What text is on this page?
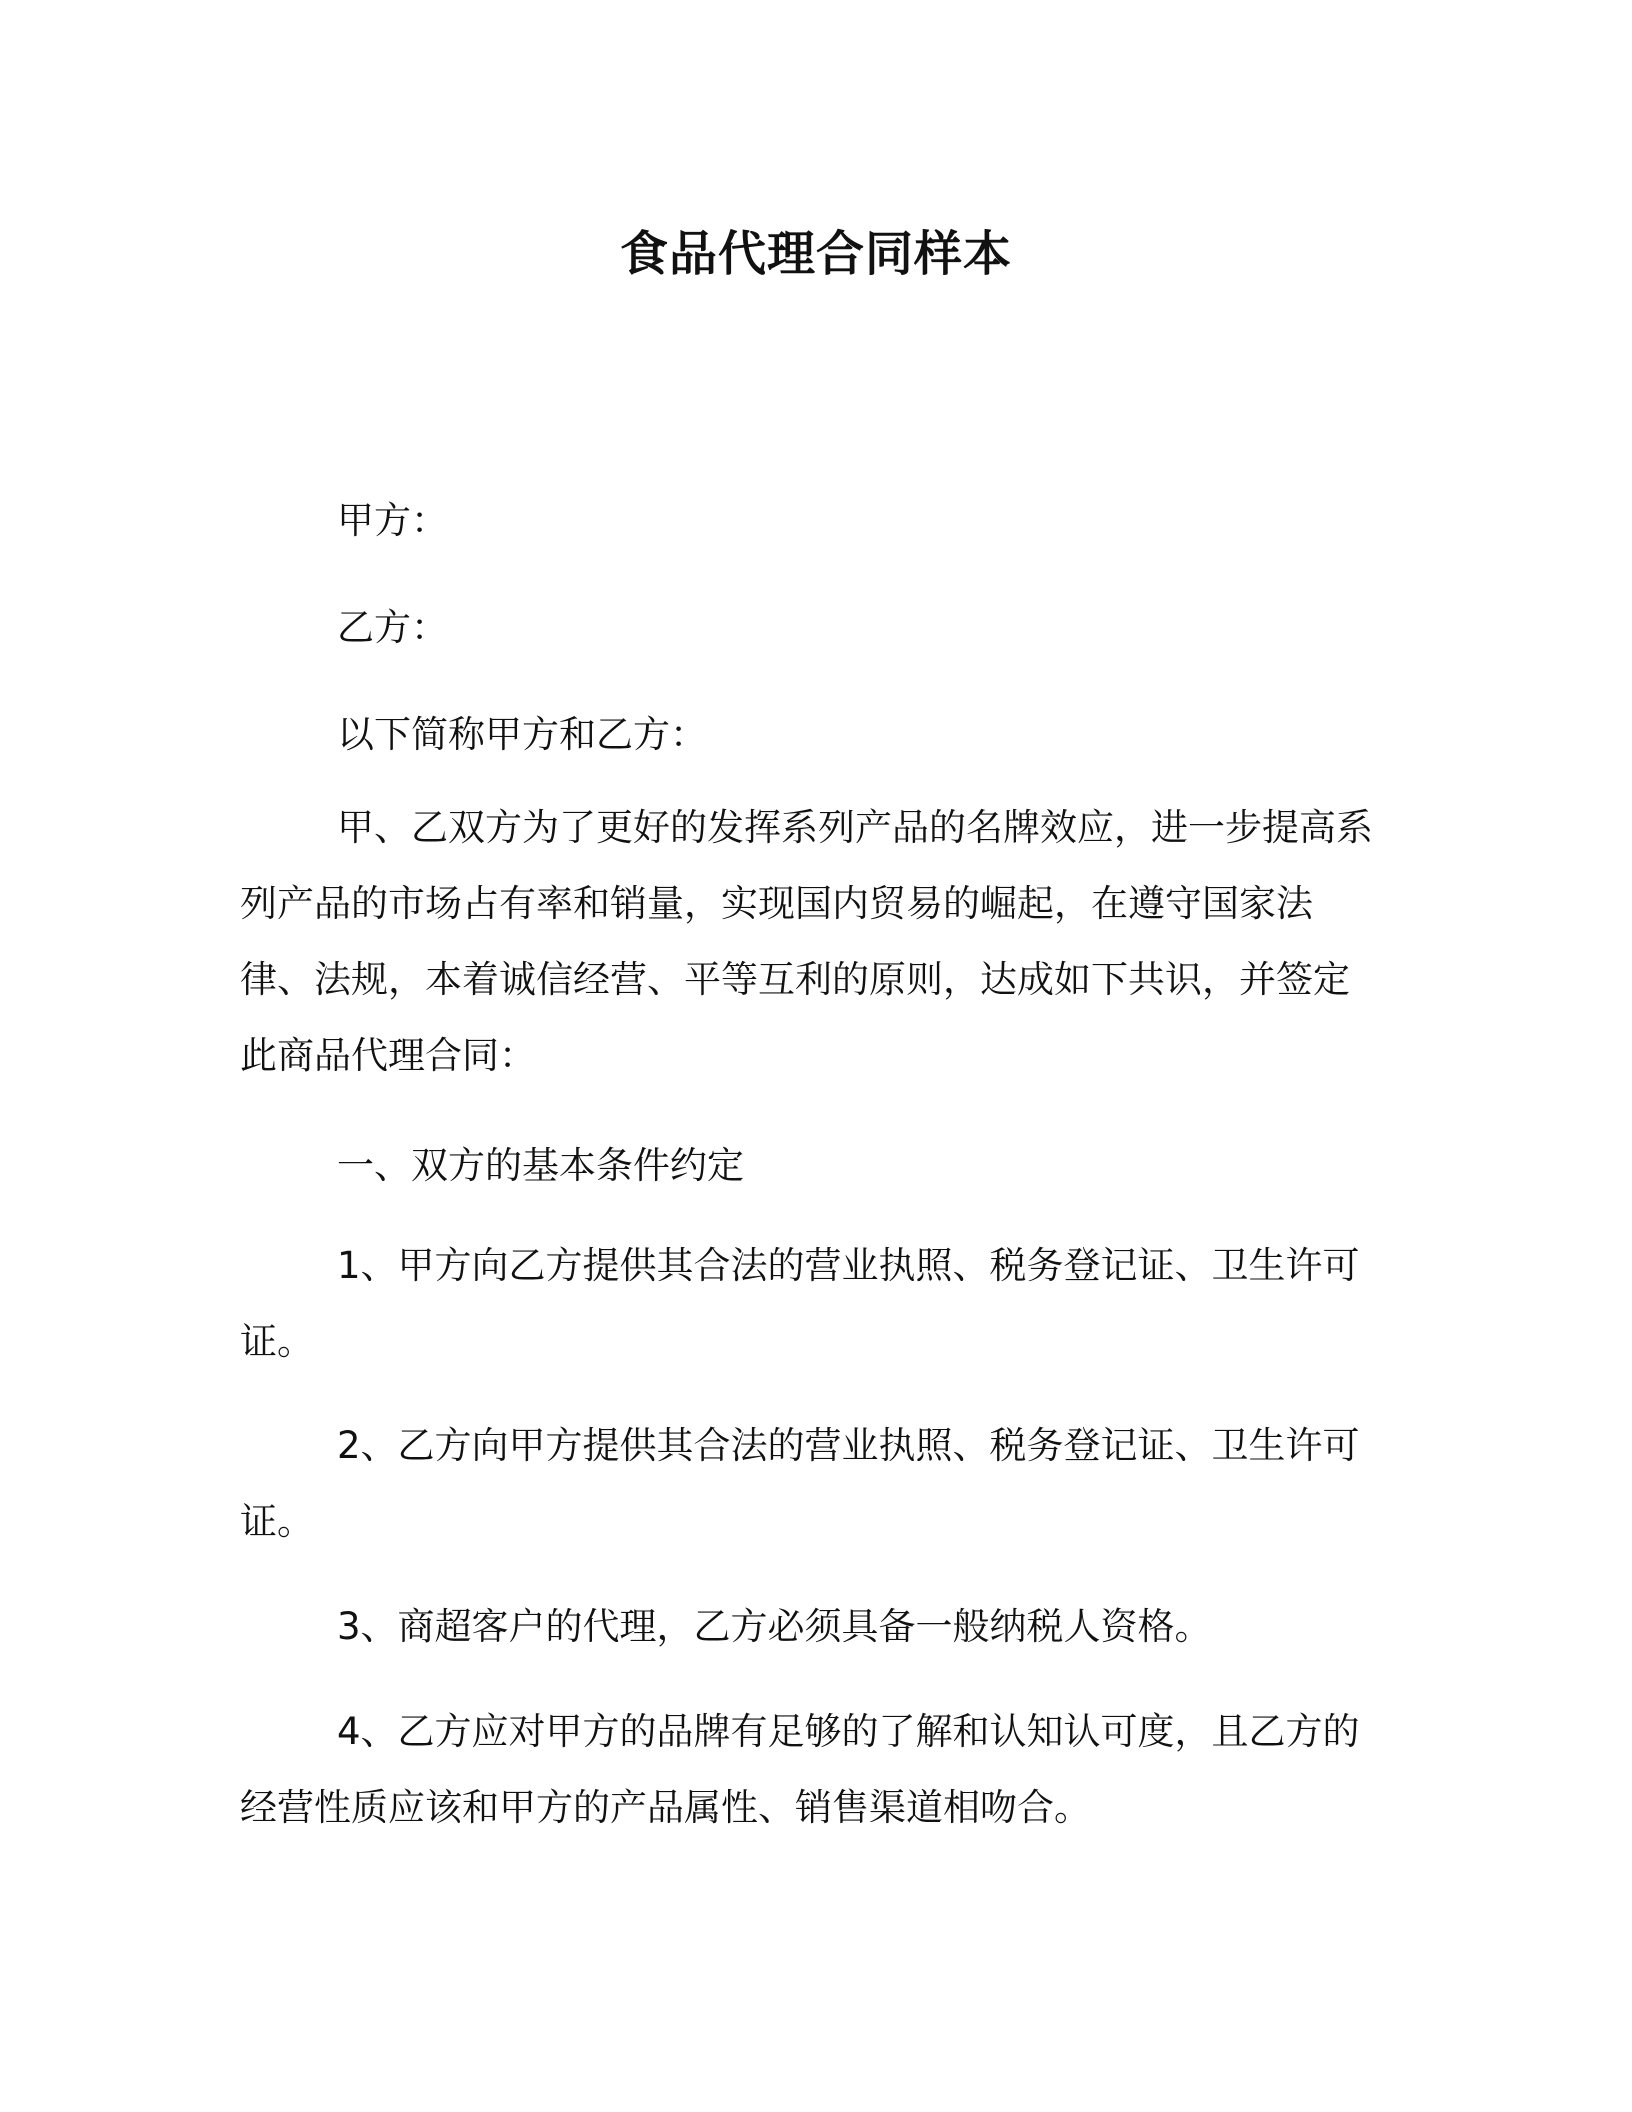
食品代理合同样本

甲方：

乙方：

以下简称甲方和乙方：

甲、乙双方为了更好的发挥系列产品的名牌效应，进一步提高系列产品的市场占有率和销量，实现国内贸易的崛起，在遵守国家法律、法规，本着诚信经营、平等互利的原则，达成如下共识，并签定此商品代理合同：

一、双方的基本条件约定

1、甲方向乙方提供其合法的营业执照、税务登记证、卫生许可证。

2、乙方向甲方提供其合法的营业执照、税务登记证、卫生许可证。

3、商超客户的代理，乙方必须具备一般纳税人资格。

4、乙方应对甲方的品牌有足够的了解和认知认可度，且乙方的经营性质应该和甲方的产品属性、销售渠道相吻合。
